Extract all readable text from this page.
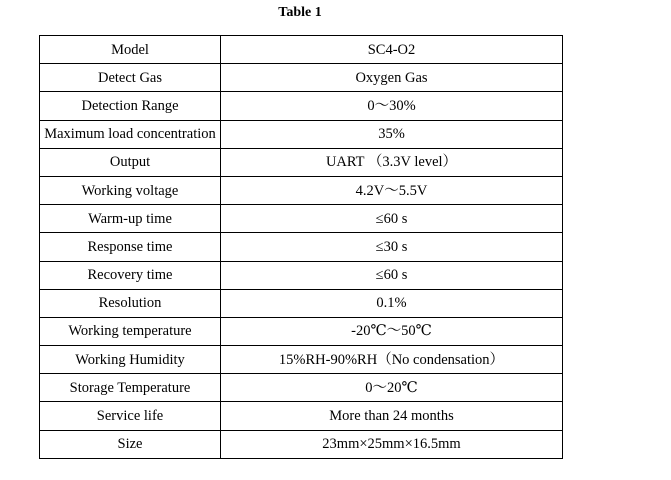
Table 1
Model	SC4-O2
Detect Gas	Oxygen Gas
Detection Range	0～30%
Maximum load concentration	35%
Output	UART （3.3V level）
Working voltage	4.2V～5.5V
Warm-up time	≤60 s
Response time	≤30 s
Recovery time	≤60 s
Resolution	0.1%
Working temperature	-20℃～50℃
Working Humidity	15%RH-90%RH（No condensation）
Storage Temperature	0～20℃
Service life	More than 24 months
Size	23mm×25mm×16.5mm
